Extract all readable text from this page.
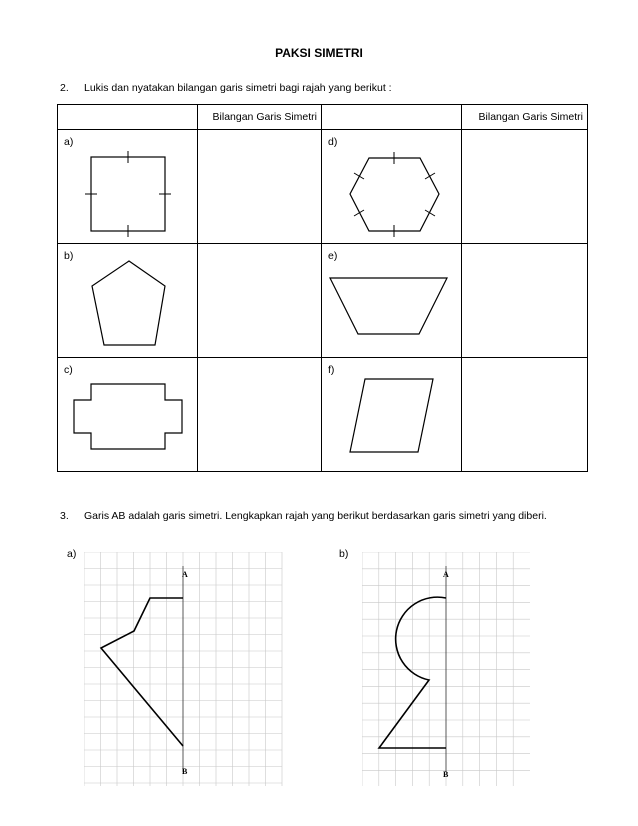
PAKSI SIMETRI
2. Lukis dan nyatakan bilangan garis simetri bagi rajah yang berikut :
	Bilangan Garis Simetri		Bilangan Garis Simetri

a)		d)	

b)		e)	

c)		f)	

3. Garis AB adalah garis simetri. Lengkapkan rajah yang berikut berdasarkan garis simetri yang diberi.
a)	b)
A
B
A
B
